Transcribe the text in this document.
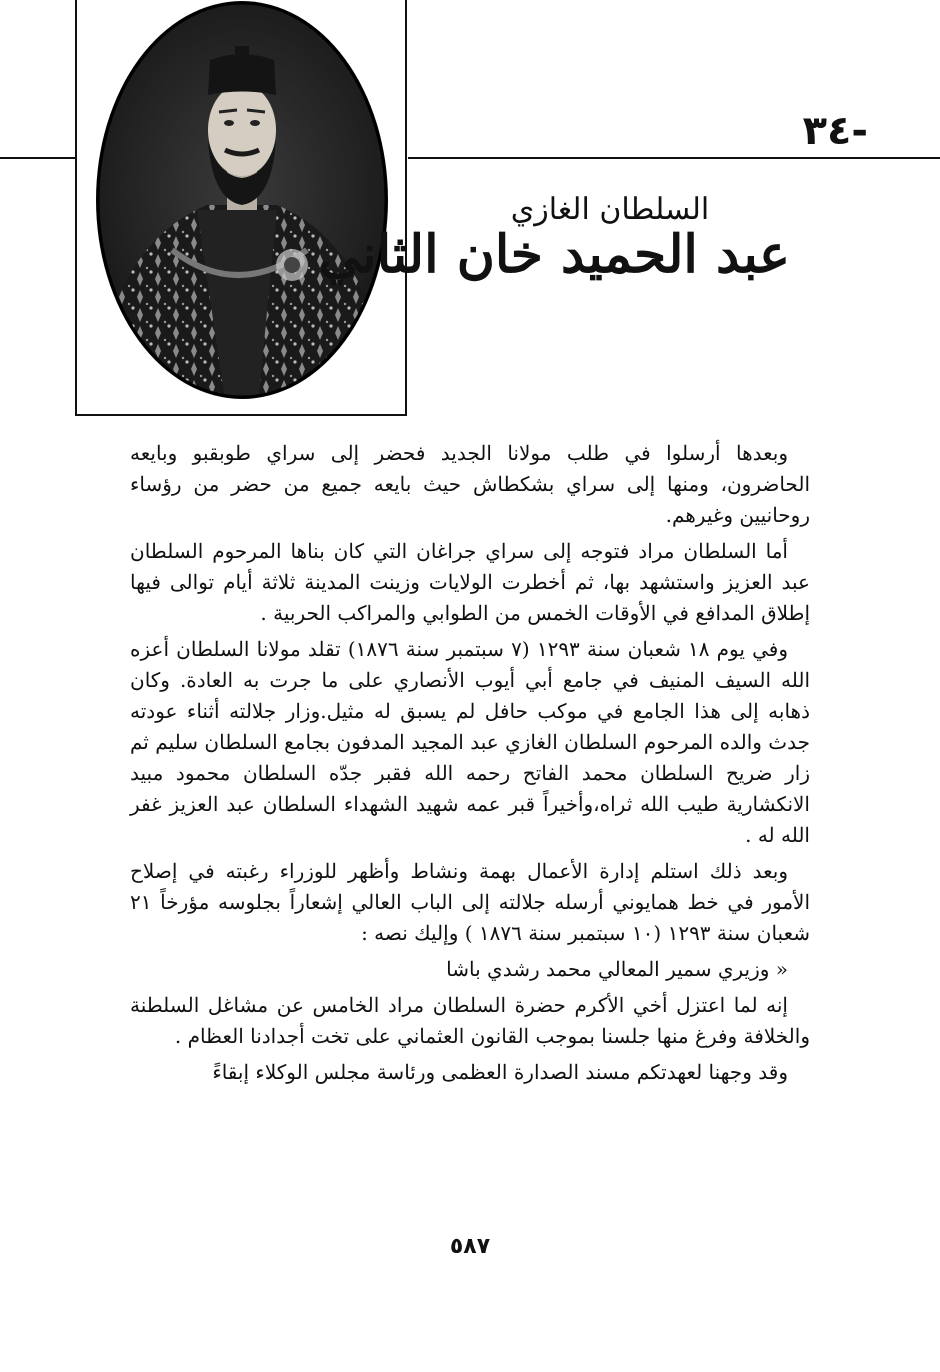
-٣٤
السلطان الغازي
عبد الحميد خان الثاني

وبعدها أرسلوا في طلب مولانا الجديد فحضر إلى سراي طوبقبو وبايعه الحاضرون، ومنها إلى سراي بشكطاش حيث بايعه جميع من حضر من رؤساء روحانيين وغيرهم.

أما السلطان مراد فتوجه إلى سراي جراغان التي كان بناها المرحوم السلطان عبد العزيز واستشهد بها، ثم أخطرت الولايات وزينت المدينة ثلاثة أيام توالى فيها إطلاق المدافع في الأوقات الخمس من الطوابي والمراكب الحربية .

وفي يوم ١٨ شعبان سنة ١٢٩٣ (٧ سبتمبر سنة ١٨٧٦) تقلد مولانا السلطان أعزه الله السيف المنيف في جامع أبي أيوب الأنصاري على ما جرت به العادة. وكان ذهابه إلى هذا الجامع في موكب حافل لم يسبق له مثيل.وزار جلالته أثناء عودته جدث والده المرحوم السلطان الغازي عبد المجيد المدفون بجامع السلطان سليم ثم زار ضريح السلطان محمد الفاتح رحمه الله فقبر جدّه السلطان محمود مبيد الانكشارية طيب الله ثراه،وأخيراً قبر عمه شهيد الشهداء السلطان عبد العزيز غفر الله له .

وبعد ذلك استلم إدارة الأعمال بهمة ونشاط وأظهر للوزراء رغبته في إصلاح الأمور في خط همايوني أرسله جلالته إلى الباب العالي إشعاراً بجلوسه مؤرخاً ٢١ شعبان سنة ١٢٩٣ (١٠ سبتمبر سنة ١٨٧٦ ) وإليك نصه :

« وزيري سمير المعالي محمد رشدي باشا

إنه لما اعتزل أخي الأكرم حضرة السلطان مراد الخامس عن مشاغل السلطنة والخلافة وفرغ منها جلسنا بموجب القانون العثماني على تخت أجدادنا العظام .

وقد وجهنا لعهدتكم مسند الصدارة العظمى ورئاسة مجلس الوكلاء إبقاءً

٥٨٧
